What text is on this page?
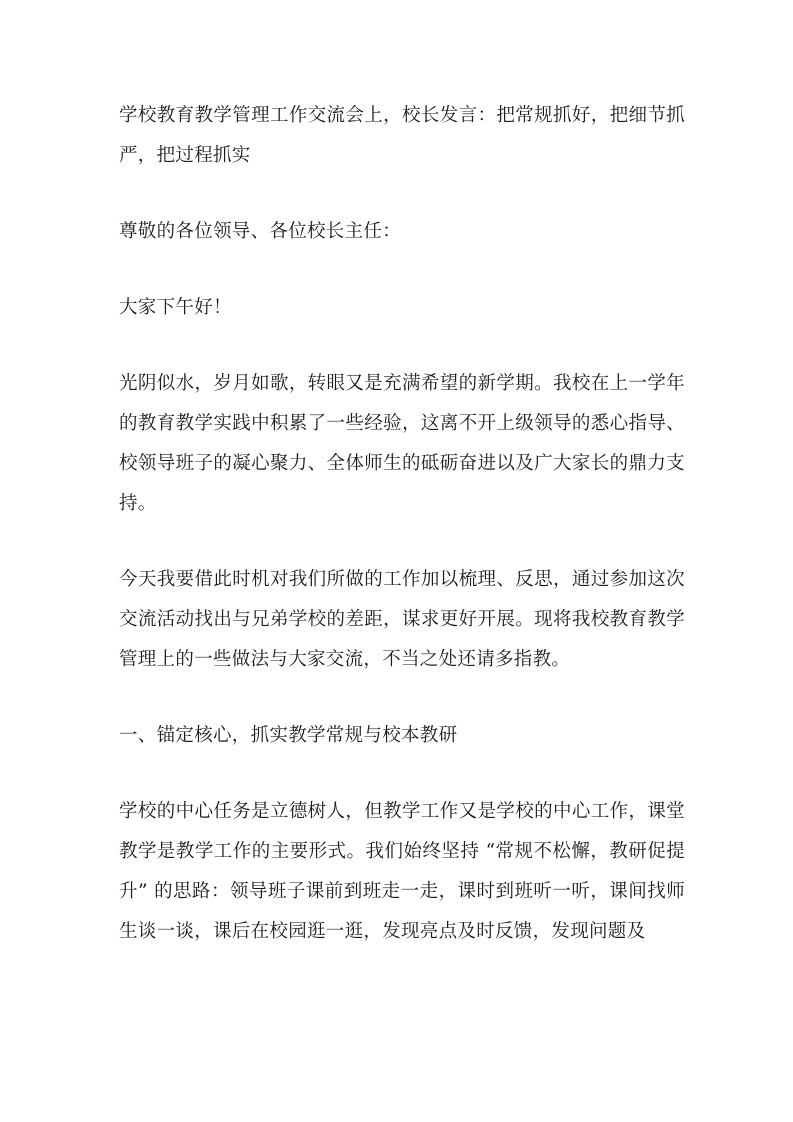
学校教育教学管理工作交流会上，校长发言：把常规抓好，把细节抓严，把过程抓实

尊敬的各位领导、各位校长主任：

大家下午好！

光阴似水，岁月如歌，转眼又是充满希望的新学期。我校在上一学年的教育教学实践中积累了一些经验，这离不开上级领导的悉心指导、校领导班子的凝心聚力、全体师生的砥砺奋进以及广大家长的鼎力支持。

今天我要借此时机对我们所做的工作加以梳理、反思，通过参加这次交流活动找出与兄弟学校的差距，谋求更好开展。现将我校教育教学管理上的一些做法与大家交流，不当之处还请多指教。

一、锚定核心，抓实教学常规与校本教研

学校的中心任务是立德树人，但教学工作又是学校的中心工作，课堂教学是教学工作的主要形式。我们始终坚持 “常规不松懈，教研促提升” 的思路：领导班子课前到班走一走，课时到班听一听，课间找师生谈一谈，课后在校园逛一逛，发现亮点及时反馈，发现问题及
